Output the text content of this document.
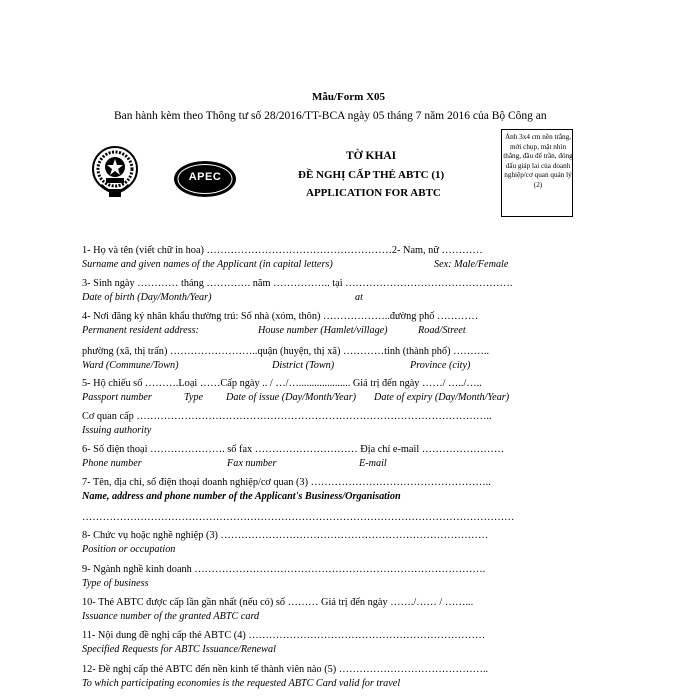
Mẫu/Form X05
Ban hành kèm theo Thông tư số 28/2016/TT-BCA ngày 05 tháng 7 năm 2016 của Bộ Công an
APEC
TỜ KHAI
ĐỀ NGHỊ CẤP THẺ ABTC (1)
APPLICATION FOR ABTC
Ảnh 3x4 cm nền trắng, mới chụp, mặt nhìn thẳng, đầu để trần, đóng dấu giáp lai của doanh nghiệp/cơ quan quản lý (2)
1- Họ và tên (viết chữ in hoa) ………………………………………………2- Nam, nữ …………
Surname and given names of the Applicant (in capital letters)	Sex: Male/Female
3- Sinh ngày ………… tháng …………. năm …………….. tại ………………………………………….
Date of birth (Day/Month/Year)	at
4- Nơi đăng ký nhân khẩu thường trú: Số nhà (xóm, thôn) ………………..đường phố …………
Permanent resident address:	House number (Hamlet/village)	Road/Street
phường (xã, thị trấn) ……………………..quận (huyện, thị xã) …………tỉnh (thành phố) ………..
Ward (Commune/Town)	District (Town)	Province (city)
5- Hộ chiếu số ……….Loại ……Cấp ngày .. / …/….................... Giá trị đến ngày ……/ …../…..
Passport number	Type Date of issue (Day/Month/Year) Date of expiry (Day/Month/Year)
Cơ quan cấp …………………………………………………………………………………………..
Issuing authority
6- Số điện thoại …………………. số fax ………………………… Địa chỉ e-mail ……………………
Phone number	Fax number	E-mail
7- Tên, địa chỉ, số điện thoại doanh nghiệp/cơ quan (3) ……………………………………………..
Name, address and phone number of the Applicant's Business/Organisation
………………………………………………………………………………………………………………
8- Chức vụ hoặc nghề nghiệp (3) ……………………………………………………………………
Position or occupation
9- Ngành nghề kinh doanh ………………………………………………………………………….
Type of business
10- Thẻ ABTC được cấp lần gần nhất (nếu có) số ……… Giá trị đến ngày ……./…… / ……...
Issuance number of the granted ABTC card
11- Nội dung đề nghị cấp thẻ ABTC (4) ……………………………………………………………
Specified Requests for ABTC Issuance/Renewal
12- Đề nghị cấp thẻ ABTC đến nền kinh tế thành viên nào (5) ……………………………………..
To which participating economies is the requested ABTC Card valid for travel
